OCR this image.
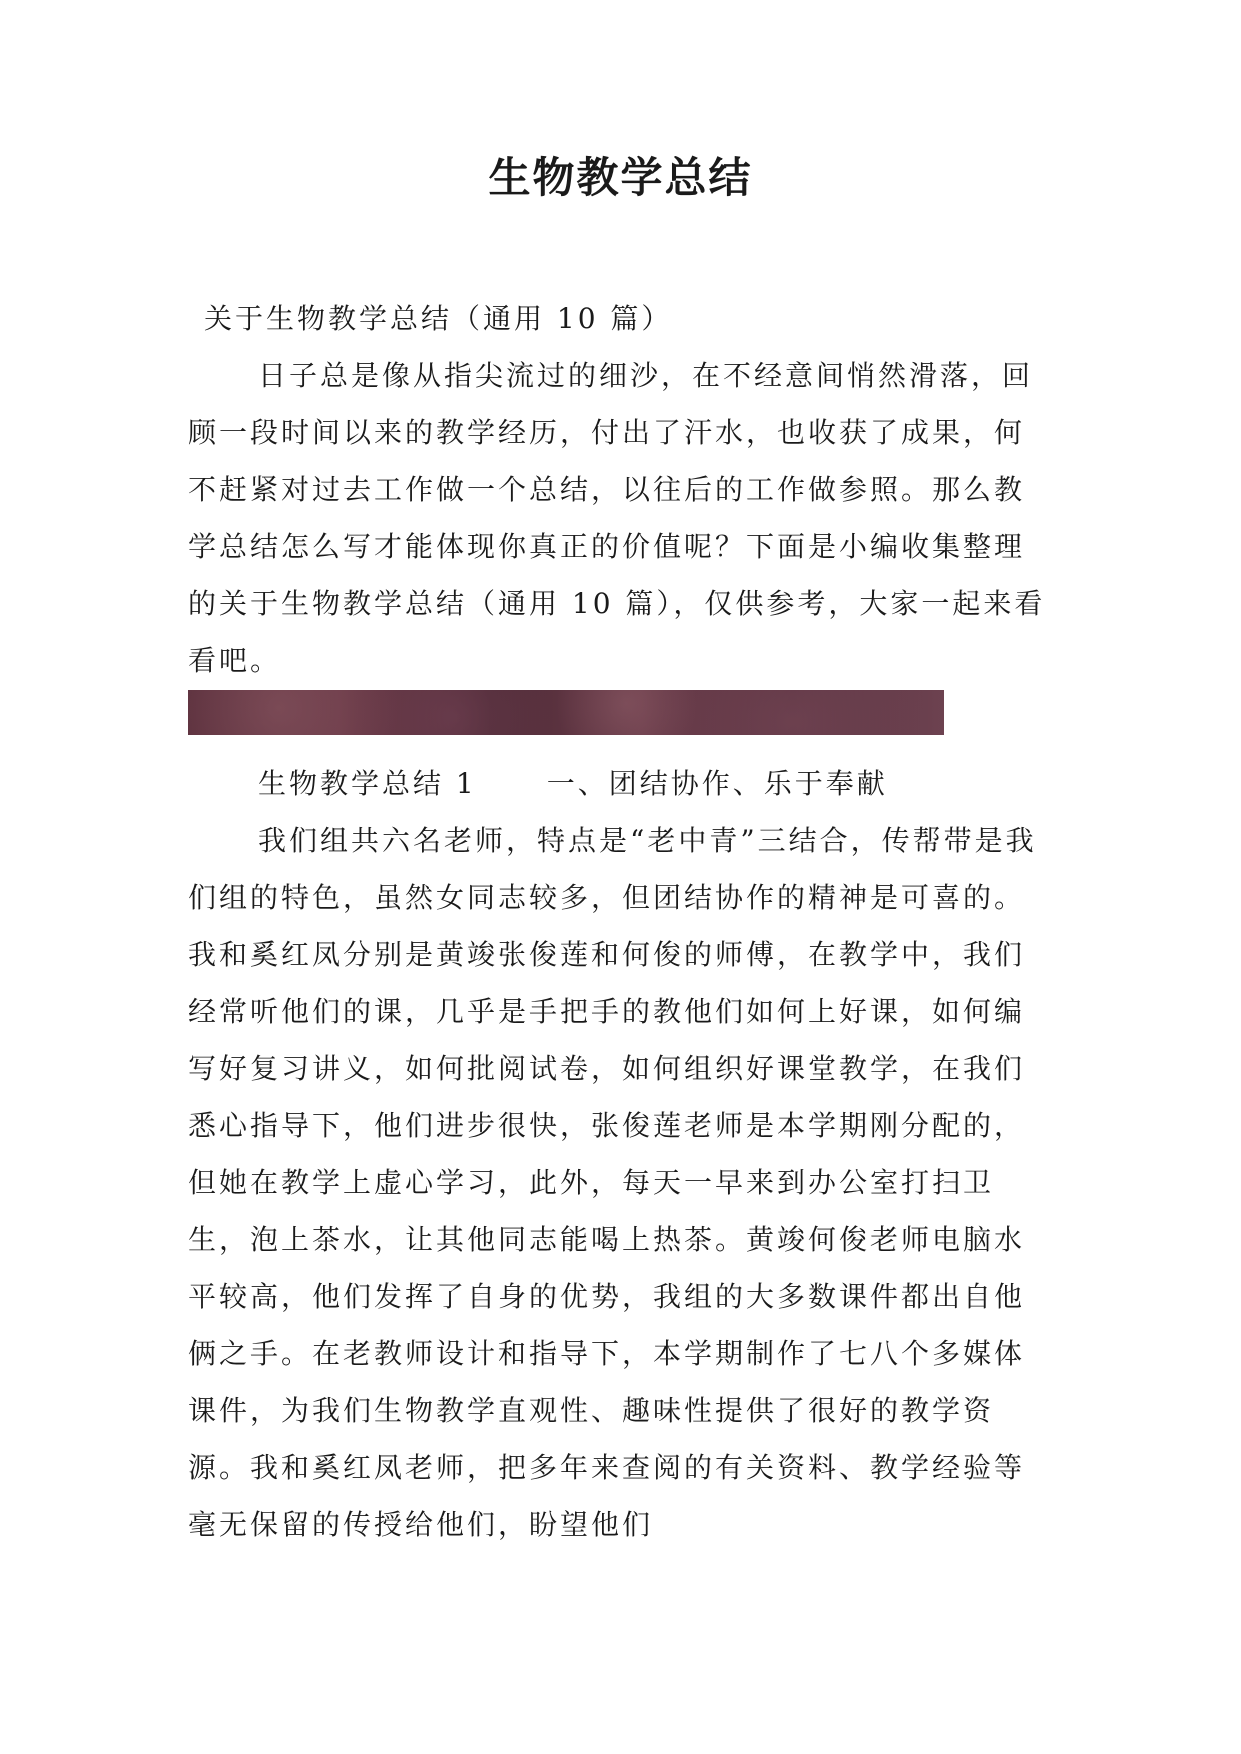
生物教学总结

关于生物教学总结（通用 10 篇）

日子总是像从指尖流过的细沙，在不经意间悄然滑落，回顾一段时间以来的教学经历，付出了汗水，也收获了成果，何不赶紧对过去工作做一个总结，以往后的工作做参照。那么教学总结怎么写才能体现你真正的价值呢？下面是小编收集整理的关于生物教学总结（通用 10 篇），仅供参考，大家一起来看看吧。

生物教学总结 1	一、团结协作、乐于奉献

我们组共六名老师，特点是“老中青”三结合，传帮带是我们组的特色，虽然女同志较多，但团结协作的精神是可喜的。我和奚红凤分别是黄竣张俊莲和何俊的师傅，在教学中，我们经常听他们的课，几乎是手把手的教他们如何上好课，如何编写好复习讲义，如何批阅试卷，如何组织好课堂教学，在我们悉心指导下，他们进步很快，张俊莲老师是本学期刚分配的，但她在教学上虚心学习，此外，每天一早来到办公室打扫卫生，泡上茶水，让其他同志能喝上热茶。黄竣何俊老师电脑水平较高，他们发挥了自身的优势，我组的大多数课件都出自他俩之手。在老教师设计和指导下，本学期制作了七八个多媒体课件，为我们生物教学直观性、趣味性提供了很好的教学资源。我和奚红凤老师，把多年来查阅的有关资料、教学经验等毫无保留的传授给他们，盼望他们
